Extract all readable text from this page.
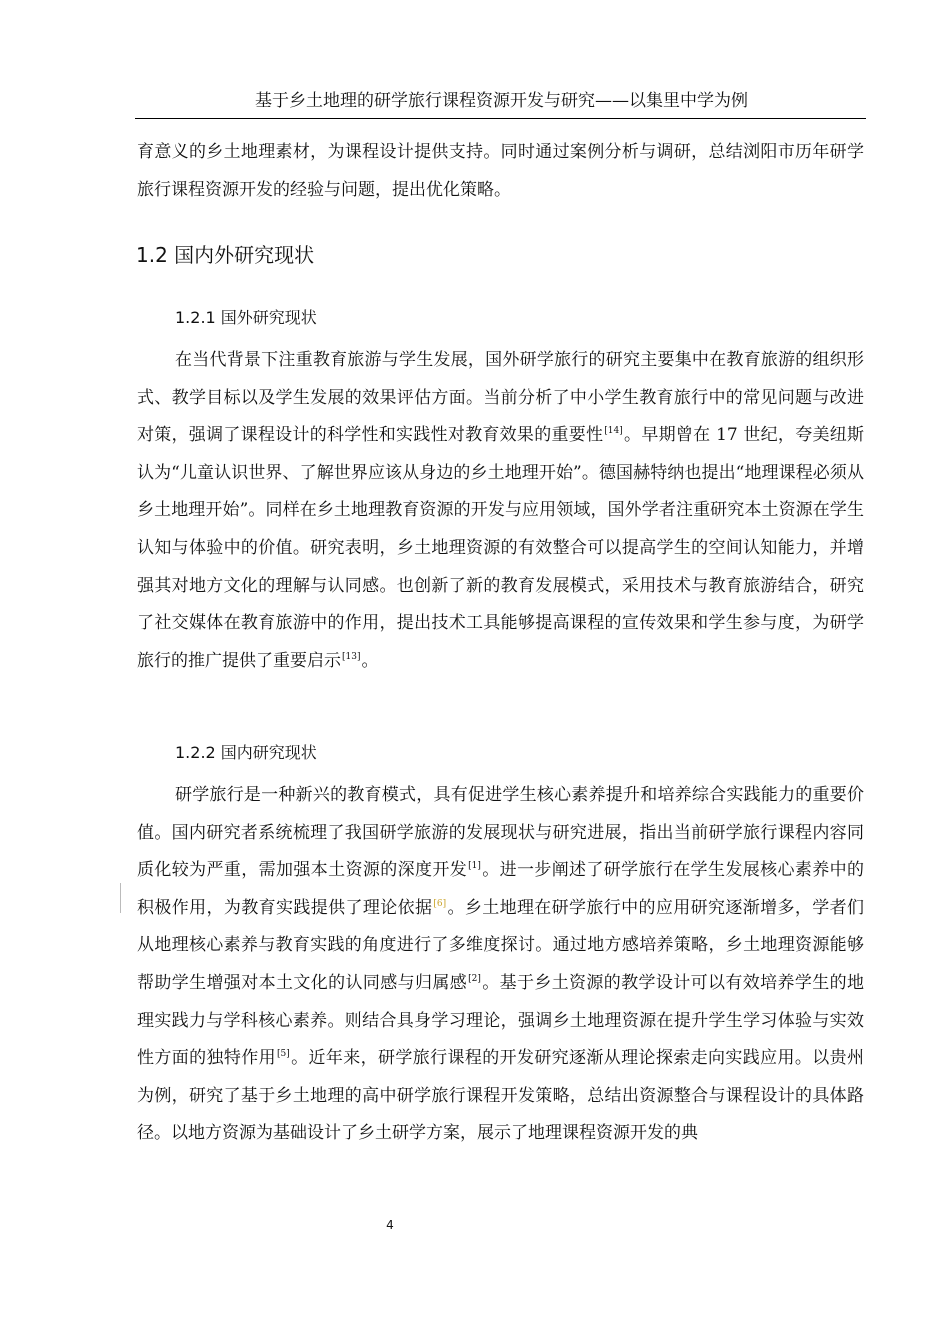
基于乡土地理的研学旅行课程资源开发与研究——以集里中学为例

育意义的乡土地理素材，为课程设计提供支持。同时通过案例分析与调研，总结浏阳市历年研学旅行课程资源开发的经验与问题，提出优化策略。

1.2 国内外研究现状
1.2.1 国外研究现状

在当代背景下注重教育旅游与学生发展，国外研学旅行的研究主要集中在教育旅游的组织形式、教学目标以及学生发展的效果评估方面。当前分析了中小学生教育旅行中的常见问题与改进对策，强调了课程设计的科学性和实践性对教育效果的重要性[14]。早期曾在 17 世纪，夸美纽斯认为“儿童认识世界、了解世界应该从身边的乡土地理开始”。德国赫特纳也提出“地理课程必须从乡土地理开始”。同样在乡土地理教育资源的开发与应用领域，国外学者注重研究本土资源在学生认知与体验中的价值。研究表明，乡土地理资源的有效整合可以提高学生的空间认知能力，并增强其对地方文化的理解与认同感。也创新了新的教育发展模式，采用技术与教育旅游结合，研究了社交媒体在教育旅游中的作用，提出技术工具能够提高课程的宣传效果和学生参与度，为研学旅行的推广提供了重要启示[13]。

1.2.2 国内研究现状

研学旅行是一种新兴的教育模式，具有促进学生核心素养提升和培养综合实践能力的重要价值。国内研究者系统梳理了我国研学旅游的发展现状与研究进展，指出当前研学旅行课程内容同质化较为严重，需加强本土资源的深度开发[1]。进一步阐述了研学旅行在学生发展核心素养中的积极作用，为教育实践提供了理论依据[6]。乡土地理在研学旅行中的应用研究逐渐增多，学者们从地理核心素养与教育实践的角度进行了多维度探讨。通过地方感培养策略，乡土地理资源能够帮助学生增强对本土文化的认同感与归属感[2]。基于乡土资源的教学设计可以有效培养学生的地理实践力与学科核心素养。则结合具身学习理论，强调乡土地理资源在提升学生学习体验与实效性方面的独特作用[5]。近年来，研学旅行课程的开发研究逐渐从理论探索走向实践应用。以贵州为例，研究了基于乡土地理的高中研学旅行课程开发策略，总结出资源整合与课程设计的具体路径。以地方资源为基础设计了乡土研学方案，展示了地理课程资源开发的典

4
